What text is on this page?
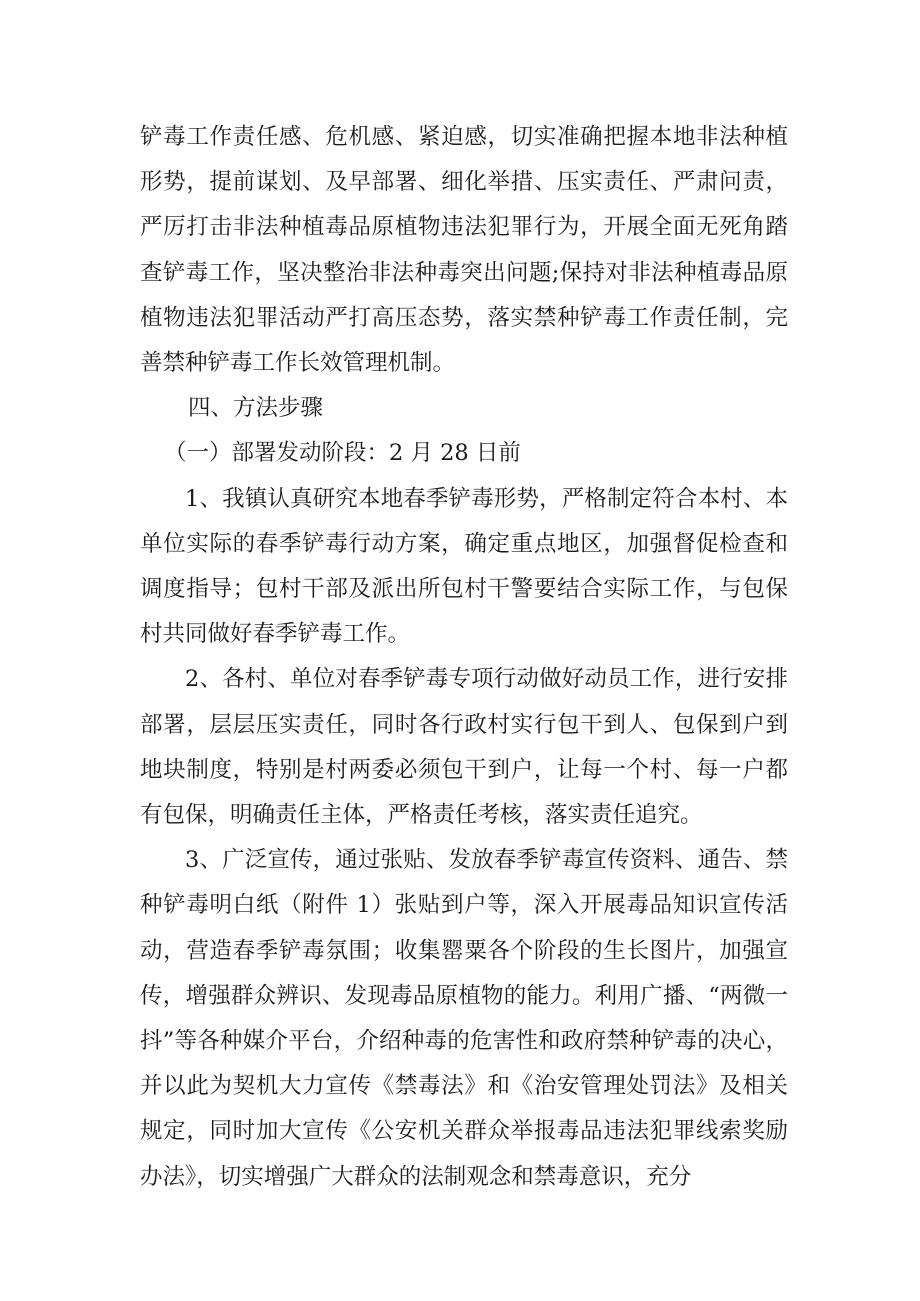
铲毒工作责任感、危机感、紧迫感，切实准确把握本地非法种植形势，提前谋划、及早部署、细化举措、压实责任、严肃问责，严厉打击非法种植毒品原植物违法犯罪行为，开展全面无死角踏查铲毒工作，坚决整治非法种毒突出问题;保持对非法种植毒品原植物违法犯罪活动严打高压态势，落实禁种铲毒工作责任制，完善禁种铲毒工作长效管理机制。

四、方法步骤

（一）部署发动阶段：2 月 28 日前

1、我镇认真研究本地春季铲毒形势，严格制定符合本村、本单位实际的春季铲毒行动方案，确定重点地区，加强督促检查和调度指导；包村干部及派出所包村干警要结合实际工作，与包保村共同做好春季铲毒工作。

2、各村、单位对春季铲毒专项行动做好动员工作，进行安排部署，层层压实责任，同时各行政村实行包干到人、包保到户到地块制度，特别是村两委必须包干到户，让每一个村、每一户都有包保，明确责任主体，严格责任考核，落实责任追究。

3、广泛宣传，通过张贴、发放春季铲毒宣传资料、通告、禁种铲毒明白纸（附件 1）张贴到户等，深入开展毒品知识宣传活动，营造春季铲毒氛围；收集罂粟各个阶段的生长图片，加强宣传，增强群众辨识、发现毒品原植物的能力。利用广播、“两微一抖”等各种媒介平台，介绍种毒的危害性和政府禁种铲毒的决心，并以此为契机大力宣传《禁毒法》和《治安管理处罚法》及相关规定，同时加大宣传《公安机关群众举报毒品违法犯罪线索奖励办法》，切实增强广大群众的法制观念和禁毒意识，充分
